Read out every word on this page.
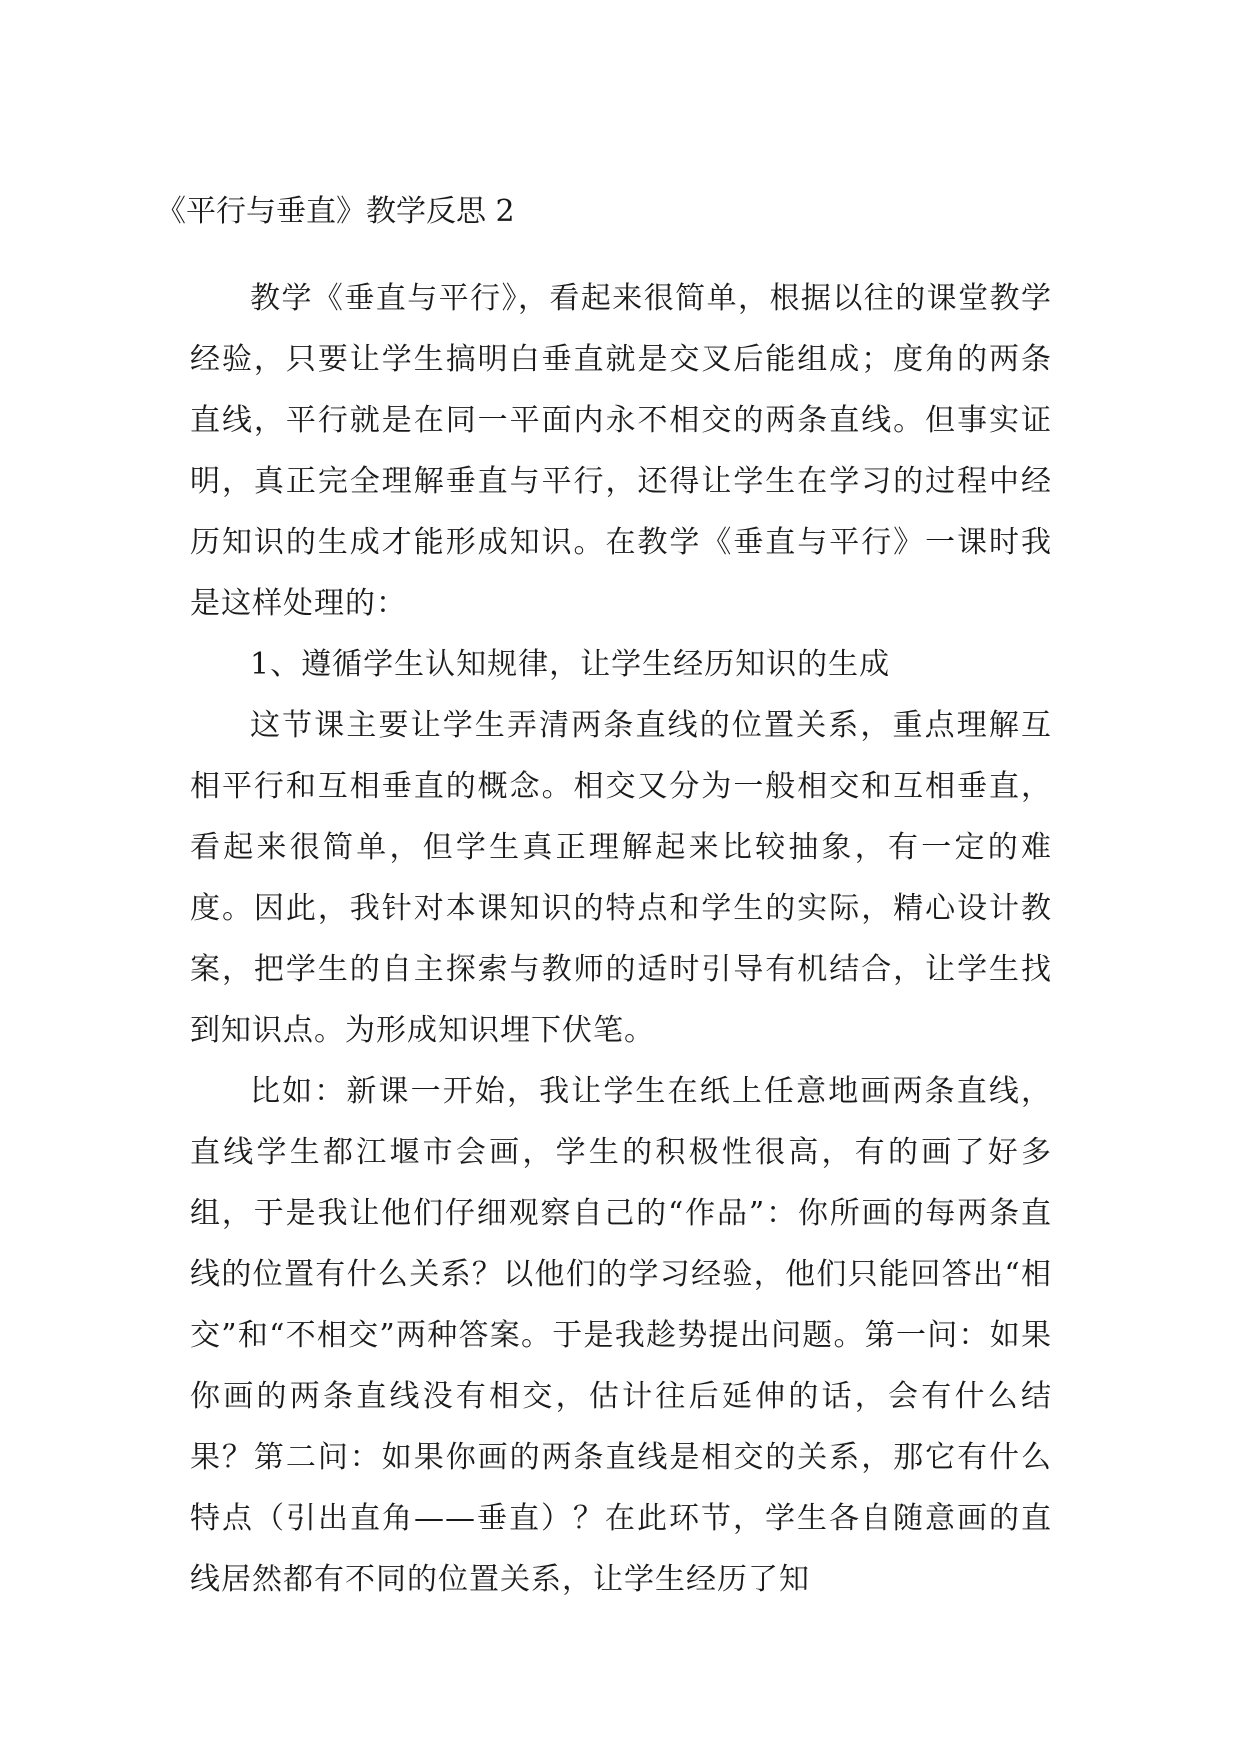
《平行与垂直》教学反思 2

教学《垂直与平行》，看起来很简单，根据以往的课堂教学经验，只要让学生搞明白垂直就是交叉后能组成；度角的两条直线，平行就是在同一平面内永不相交的两条直线。但事实证明，真正完全理解垂直与平行，还得让学生在学习的过程中经历知识的生成才能形成知识。在教学《垂直与平行》一课时我是这样处理的：

1、遵循学生认知规律，让学生经历知识的生成

这节课主要让学生弄清两条直线的位置关系，重点理解互相平行和互相垂直的概念。相交又分为一般相交和互相垂直，看起来很简单，但学生真正理解起来比较抽象，有一定的难度。因此，我针对本课知识的特点和学生的实际，精心设计教案，把学生的自主探索与教师的适时引导有机结合，让学生找到知识点。为形成知识埋下伏笔。

比如：新课一开始，我让学生在纸上任意地画两条直线，直线学生都江堰市会画，学生的积极性很高，有的画了好多组，于是我让他们仔细观察自己的“作品”：你所画的每两条直线的位置有什么关系？以他们的学习经验，他们只能回答出“相交”和“不相交”两种答案。于是我趁势提出问题。第一问：如果你画的两条直线没有相交，估计往后延伸的话，会有什么结果？第二问：如果你画的两条直线是相交的关系，那它有什么特点（引出直角——垂直）？在此环节，学生各自随意画的直线居然都有不同的位置关系，让学生经历了知
